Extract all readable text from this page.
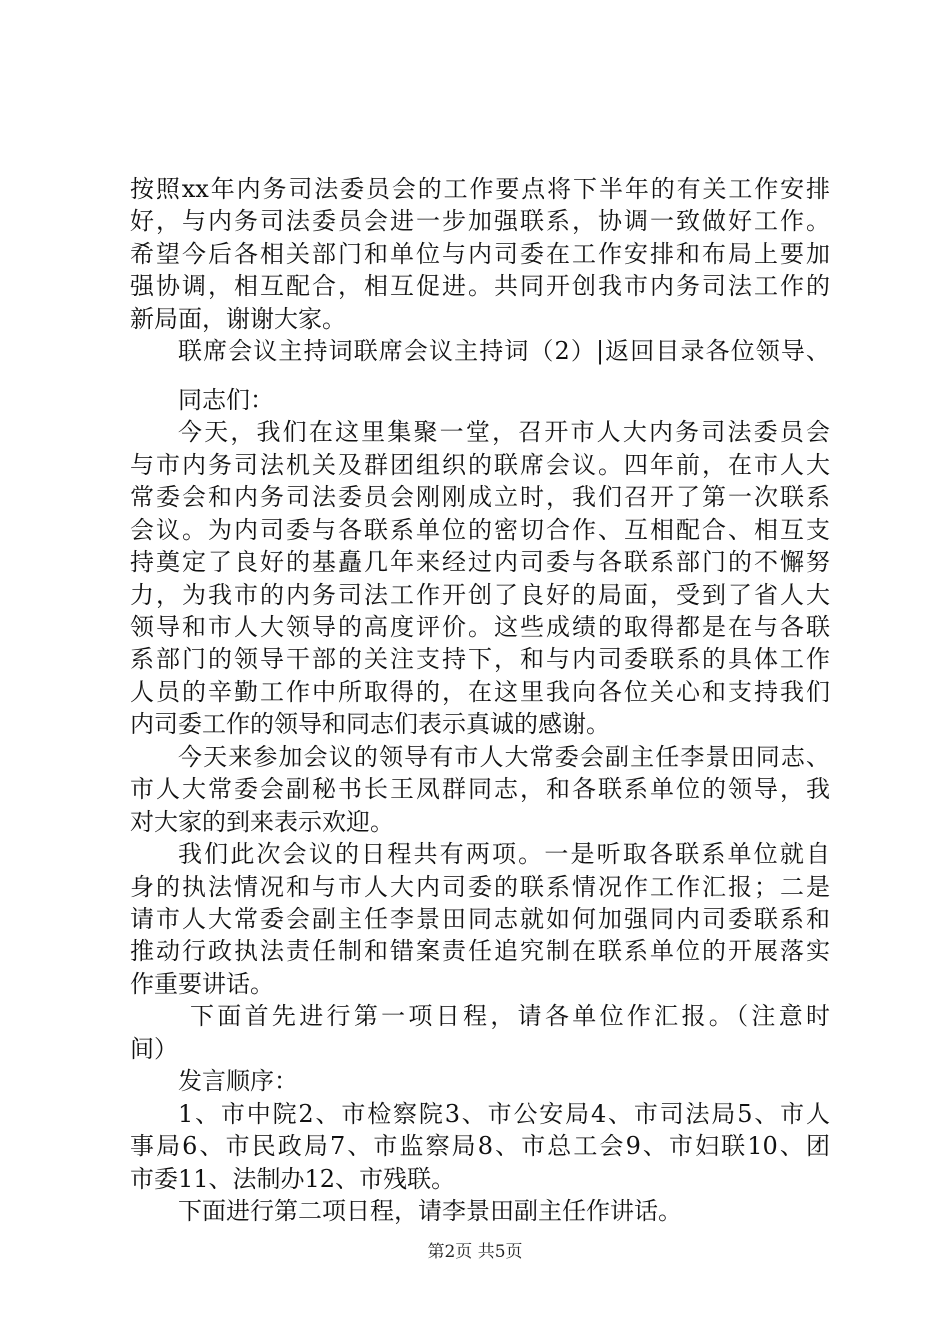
按照xx年内务司法委员会的工作要点将下半年的有关工作安排
好，与内务司法委员会进一步加强联系，协调一致做好工作。
希望今后各相关部门和单位与内司委在工作安排和布局上要加
强协调，相互配合，相互促进。共同开创我市内务司法工作的
新局面，谢谢大家。
联席会议主持词联席会议主持词（2）|返回目录各位领导、
同志们：
今天，我们在这里集聚一堂，召开市人大内务司法委员会
与市内务司法机关及群团组织的联席会议。四年前，在市人大
常委会和内务司法委员会刚刚成立时，我们召开了第一次联系
会议。为内司委与各联系单位的密切合作、互相配合、相互支
持奠定了良好的基矗几年来经过内司委与各联系部门的不懈努
力，为我市的内务司法工作开创了良好的局面，受到了省人大
领导和市人大领导的高度评价。这些成绩的取得都是在与各联
系部门的领导干部的关注支持下，和与内司委联系的具体工作
人员的辛勤工作中所取得的，在这里我向各位关心和支持我们
内司委工作的领导和同志们表示真诚的感谢。
今天来参加会议的领导有市人大常委会副主任李景田同志、
市人大常委会副秘书长王凤群同志，和各联系单位的领导，我
对大家的到来表示欢迎。
我们此次会议的日程共有两项。一是听取各联系单位就自
身的执法情况和与市人大内司委的联系情况作工作汇报；二是
请市人大常委会副主任李景田同志就如何加强同内司委联系和
推动行政执法责任制和错案责任追究制在联系单位的开展落实
作重要讲话。
下面首先进行第一项日程，请各单位作汇报。（注意时
间）
发言顺序：
1、市中院2、市检察院3、市公安局4、市司法局5、市人
事局6、市民政局7、市监察局8、市总工会9、市妇联10、团
市委11、法制办12、市残联。
下面进行第二项日程，请李景田副主任作讲话。
第2页 共5页
